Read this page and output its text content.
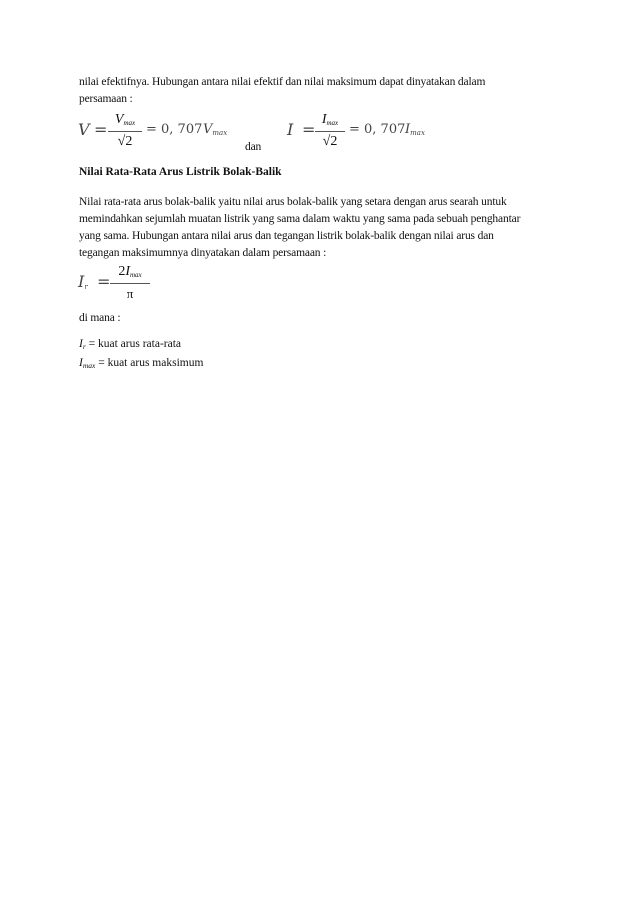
nilai efektifnya. Hubungan antara nilai efektif dan nilai maksimum dapat dinyatakan dalam
persamaan :

V =
Vmax
√2
= 0, 707 Vmax
dan
I =
Imax
√2
= 0, 707 Imax

Nilai Rata-Rata Arus Listrik Bolak-Balik

Nilai rata-rata arus bolak-balik yaitu nilai arus bolak-balik yang setara dengan arus searah untuk
memindahkan sejumlah muatan listrik yang sama dalam waktu yang sama pada sebuah penghantar
yang sama. Hubungan antara nilai arus dan tegangan listrik bolak-balik dengan nilai arus dan
tegangan maksimumnya dinyatakan dalam persamaan :

Ir =
2Imax
π

di mana :

Ir = kuat arus rata-rata
Imax = kuat arus maksimum
